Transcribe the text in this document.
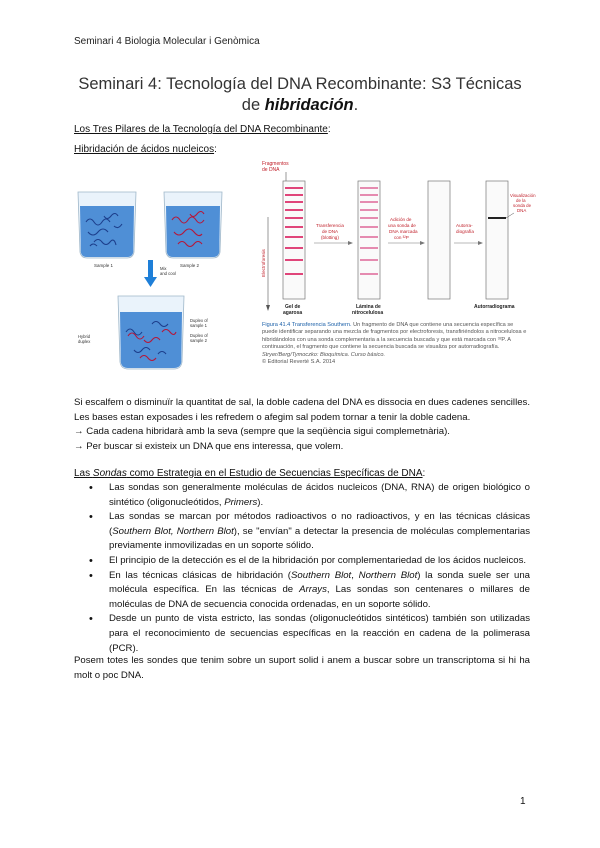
Seminari 4 Biologia Molecular i Genòmica
Seminari 4: Tecnología del DNA Recombinante: S3 Técnicas
de hibridación.
Los Tres Pilares de la Tecnología del DNA Recombinante:
Hibridación de ácidos nucleicos:
Sample 1	Sample 2
Mix
and cool
Hybrid
duplex
Duplex of
sample 1
Duplex of
sample 2
Fragmentos
de DNA
Electroforesis
Gel de
agarosa
Transferencia
de DNA
(blotting)
Lámina de
nitrocelulosa
Adición de
una sonda de
DNA marcada
con ³²P
Autorra-
diografía
Visualización
de la
sonda de
DNA
Autorradiograma
Figura 41.4 Transferencia Southern. Un fragmento de DNA que contiene una secuencia específica se puede identificar separando una mezcla de fragmentos por electroforesis, transfiriéndolos a nitrocelulosa e hibridándolos con una sonda complementaria a la secuencia buscada y que está marcada con ³²P. A continuación, el fragmento que contiene la secuencia buscada se visualiza por autorradiografía.
Stryer/Berg/Tymoczko: Bioquímica. Curso básico.
© Editorial Reverté S.A. 2014

Si escalfem o disminuïr la quantitat de sal, la doble cadena del DNA es dissocia en dues cadenes sencilles. Les bases estan exposades i les refredem o afegim sal podem tornar a tenir la doble cadena.

→ Cada cadena hibridarà amb la seva (sempre que la seqüència sigui complemetnària).

→ Per buscar si existeix un DNA que ens interessa, que volem.

Las Sondas como Estrategia en el Estudio de Secuencias Específicas de DNA:
• Las sondas son generalmente moléculas de ácidos nucleicos (DNA, RNA) de origen biológico o sintético (oligonucleótidos, Primers).
• Las sondas se marcan por métodos radioactivos o no radioactivos, y en las técnicas clásicas (Southern Blot, Northern Blot), se "envían" a detectar la presencia de moléculas complementarias previamente inmovilizadas en un soporte sólido.
• El principio de la detección es el de la hibridación por complementariedad de los ácidos nucleicos.
• En las técnicas clásicas de hibridación (Southern Blot, Northern Blot) la sonda suele ser una molécula específica. En las técnicas de Arrays, Las sondas son centenares o millares de moléculas de DNA de secuencia conocida ordenadas, en un soporte sólido.
• Desde un punto de vista estricto, las sondas (oligonucleótidos sintéticos) también son utilizadas para el reconocimiento de secuencias específicas en la reacción en cadena de la polimerasa (PCR).

Posem totes les sondes que tenim sobre un suport solid i anem a buscar sobre un transcriptoma si hi ha molt o poc DNA.

1
